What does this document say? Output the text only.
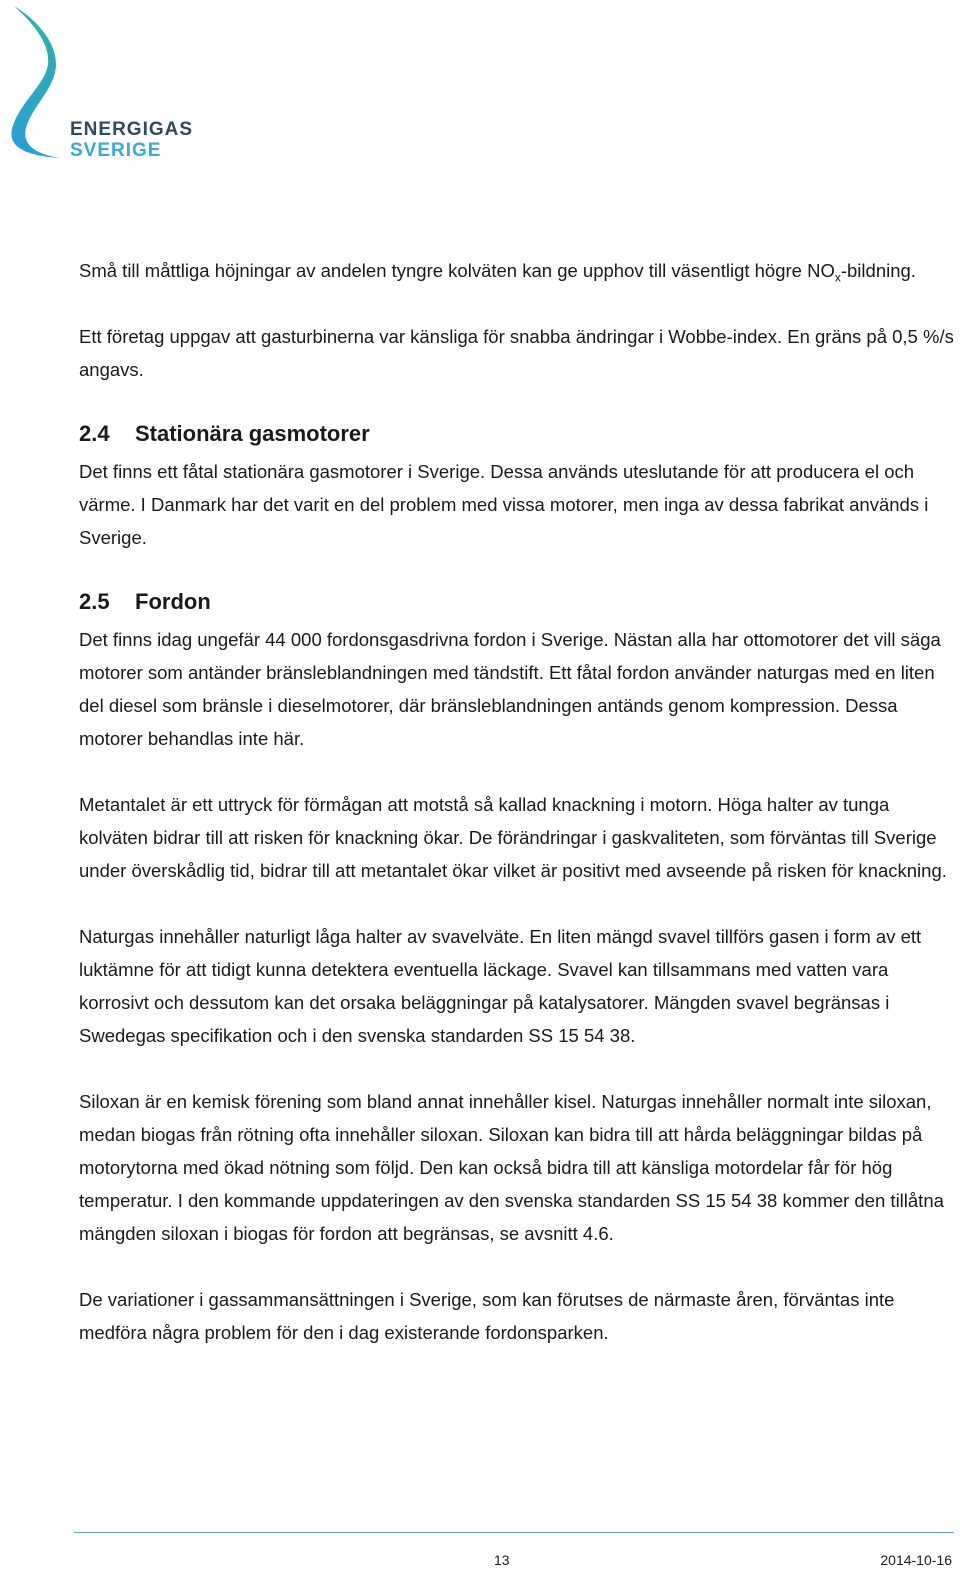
ENERGIGAS
SVERIGE

Små till måttliga höjningar av andelen tyngre kolväten kan ge upphov till väsentligt högre $NO_x$-bildning.

Ett företag uppgav att gasturbinerna var känsliga för snabba ändringar i Wobbe-index. En gräns på 0,5 %/s angavs.

2.4 Stationära gasmotorer

Det finns ett fåtal stationära gasmotorer i Sverige. Dessa används uteslutande för att producera el och värme. I Danmark har det varit en del problem med vissa motorer, men inga av dessa fabrikat används i Sverige.

2.5 Fordon

Det finns idag ungefär 44 000 fordonsgasdrivna fordon i Sverige. Nästan alla har ottomotorer det vill säga motorer som antänder bränsleblandningen med tändstift. Ett fåtal fordon använder naturgas med en liten del diesel som bränsle i dieselmotorer, där bränsleblandningen antänds genom kompression. Dessa motorer behandlas inte här.

Metantalet är ett uttryck för förmågan att motstå så kallad knackning i motorn. Höga halter av tunga kolväten bidrar till att risken för knackning ökar. De förändringar i gaskvaliteten, som förväntas till Sverige under överskådlig tid, bidrar till att metantalet ökar vilket är positivt med avseende på risken för knackning.

Naturgas innehåller naturligt låga halter av svavelväte. En liten mängd svavel tillförs gasen i form av ett luktämne för att tidigt kunna detektera eventuella läckage. Svavel kan tillsammans med vatten vara korrosivt och dessutom kan det orsaka beläggningar på katalysatorer. Mängden svavel begränsas i Swedegas specifikation och i den svenska standarden SS 15 54 38.

Siloxan är en kemisk förening som bland annat innehåller kisel. Naturgas innehåller normalt inte siloxan, medan biogas från rötning ofta innehåller siloxan. Siloxan kan bidra till att hårda beläggningar bildas på motorytorna med ökad nötning som följd. Den kan också bidra till att känsliga motordelar får för hög temperatur. I den kommande uppdateringen av den svenska standarden SS 15 54 38 kommer den tillåtna mängden siloxan i biogas för fordon att begränsas, se avsnitt 4.6.

De variationer i gassammansättningen i Sverige, som kan förutses de närmaste åren, förväntas inte medföra några problem för den i dag existerande fordonsparken.

13	2014-10-16
